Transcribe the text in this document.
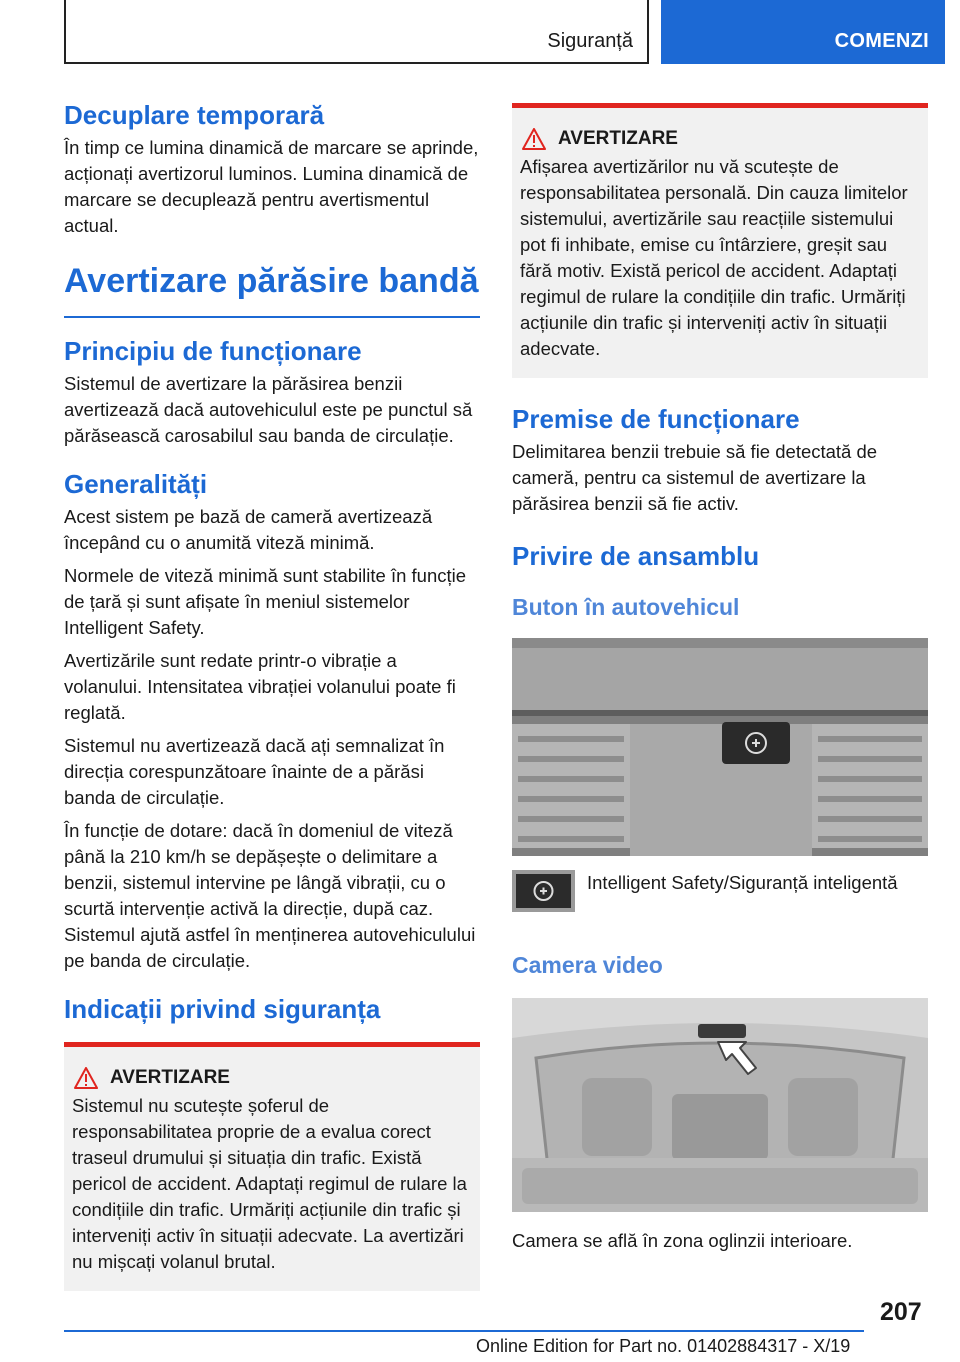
Siguranță	COMENZI
Decuplare temporară

În timp ce lumina dinamică de marcare se aprinde, acționați avertizorul luminos. Lumina dinamică de marcare se decuplează pentru avertismentul actual.

Avertizare părăsire bandă
Principiu de funcționare

Sistemul de avertizare la părăsirea benzii avertizează dacă autovehiculul este pe punctul să părăsească carosabilul sau banda de circulație.

Generalități

Acest sistem pe bază de cameră avertizează începând cu o anumită viteză minimă.

Normele de viteză minimă sunt stabilite în funcție de țară și sunt afișate în meniul sistemelor Intelligent Safety.

Avertizările sunt redate printr-o vibrație a volanului. Intensitatea vibrației volanului poate fi reglată.

Sistemul nu avertizează dacă ați semnalizat în direcția corespunzătoare înainte de a părăsi banda de circulație.

În funcție de dotare: dacă în domeniul de viteză până la 210 km/h se depășește o delimitare a benzii, sistemul intervine pe lângă vibrații, cu o scurtă intervenție activă la direcție, după caz. Sistemul ajută astfel în menținerea autovehiculului pe banda de circulație.

Indicații privind siguranța
AVERTIZARE

Sistemul nu scutește șoferul de responsabilitatea proprie de a evalua corect traseul drumului și situația din trafic. Există pericol de accident. Adaptați regimul de rulare la condițiile din trafic. Urmăriți acțiunile din trafic și interveniți activ în situații adecvate. La avertizări nu mișcați volanul brutal.

AVERTIZARE

Afișarea avertizărilor nu vă scutește de responsabilitatea personală. Din cauza limitelor sistemului, avertizările sau reacțiile sistemului pot fi inhibate, emise cu întârziere, greșit sau fără motiv. Există pericol de accident. Adaptați regimul de rulare la condițiile din trafic. Urmăriți acțiunile din trafic și interveniți activ în situații adecvate.

Premise de funcționare

Delimitarea benzii trebuie să fie detectată de cameră, pentru ca sistemul de avertizare la părăsirea benzii să fie activ.

Privire de ansamblu
Buton în autovehicul

Intelligent Safety/Siguranță inteligentă

Camera video

Camera se află în zona oglinzii interioare.

207
Online Edition for Part no. 01402884317 - X/19
